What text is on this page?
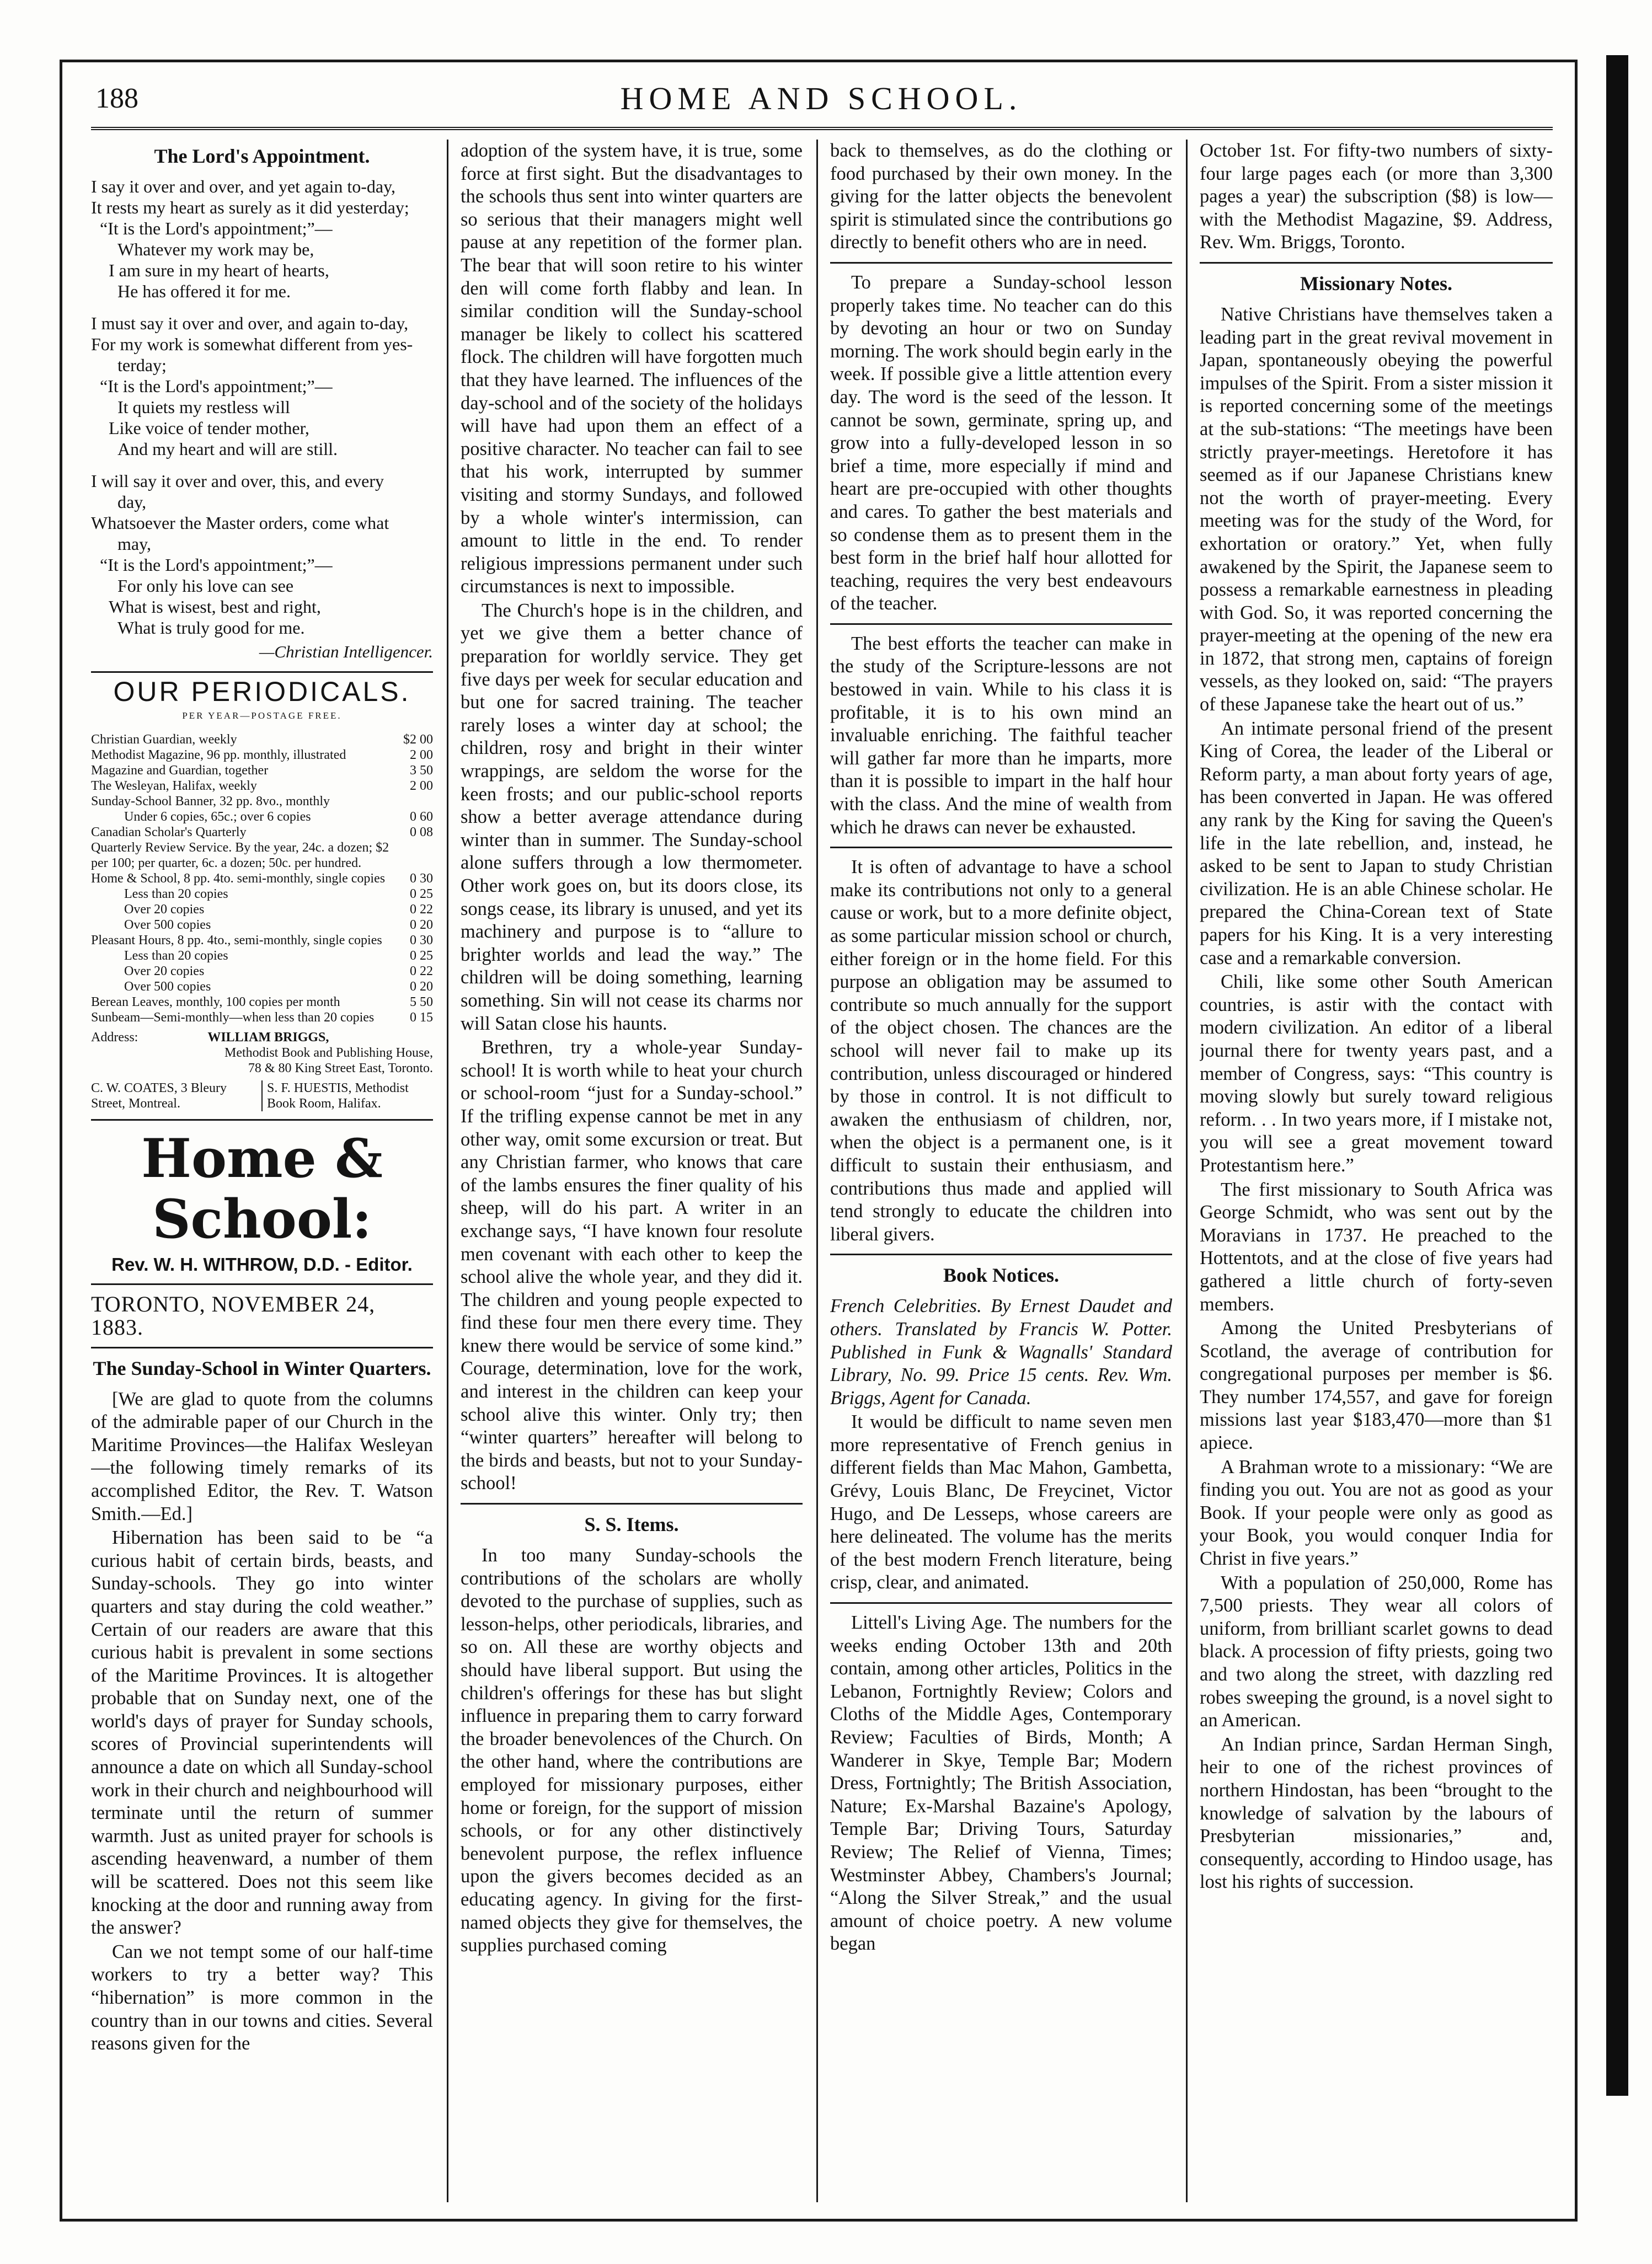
188	HOME AND SCHOOL.
The Lord's Appointment.
I say it over and over, and yet again to-day,
It rests my heart as surely as it did yesterday;
“It is the Lord's appointment;”—
Whatever my work may be,
I am sure in my heart of hearts,
He has offered it for me.
I must say it over and over, and again to-day,
For my work is somewhat different from yes-
terday;
“It is the Lord's appointment;”—
It quiets my restless will
Like voice of tender mother,
And my heart and will are still.
I will say it over and over, this, and every
day,
Whatsoever the Master orders, come what
may,
“It is the Lord's appointment;”—
For only his love can see
What is wisest, best and right,
What is truly good for me.
—Christian Intelligencer.
OUR PERIODICALS.
PER YEAR—POSTAGE FREE.
Christian Guardian, weekly	$2 00
Methodist Magazine, 96 pp. monthly, illustrated	2 00
Magazine and Guardian, together	3 50
The Wesleyan, Halifax, weekly	2 00
Sunday-School Banner, 32 pp. 8vo., monthly
Under 6 copies, 65c.; over 6 copies	0 60
Canadian Scholar's Quarterly	0 08
Quarterly Review Service. By the year, 24c. a dozen; $2 per 100; per quarter, 6c. a dozen; 50c. per hundred.
Home & School, 8 pp. 4to. semi-monthly, single copies	0 30
Less than 20 copies	0 25
Over 20 copies	0 22
Over 500 copies	0 20
Pleasant Hours, 8 pp. 4to., semi-monthly, single copies	0 30
Less than 20 copies	0 25
Over 20 copies	0 22
Over 500 copies	0 20
Berean Leaves, monthly, 100 copies per month	5 50
Sunbeam—Semi-monthly—when less than 20 copies	0 15
Address:	WILLIAM BRIGGS,
Methodist Book and Publishing House,
78 & 80 King Street East, Toronto.
C. W. COATES, 3 Bleury Street, Montreal.
S. F. HUESTIS, Methodist Book Room, Halifax.
Home & School:
Rev. W. H. WITHROW, D.D. - Editor.
TORONTO, NOVEMBER 24, 1883.
The Sunday-School in Winter Quarters.

[We are glad to quote from the columns of the admirable paper of our Church in the Maritime Provinces—the Halifax Wesleyan—the following timely remarks of its accomplished Editor, the Rev. T. Watson Smith.—Ed.]

Hibernation has been said to be “a curious habit of certain birds, beasts, and Sunday-schools. They go into winter quarters and stay during the cold weather.” Certain of our readers are aware that this curious habit is prevalent in some sections of the Maritime Provinces. It is altogether probable that on Sunday next, one of the world's days of prayer for Sunday schools, scores of Provincial superintendents will announce a date on which all Sunday-school work in their church and neighbourhood will terminate until the return of summer warmth. Just as united prayer for schools is ascending heavenward, a number of them will be scattered. Does not this seem like knocking at the door and running away from the answer?

Can we not tempt some of our half-time workers to try a better way? This “hibernation” is more common in the country than in our towns and cities. Several reasons given for the

adoption of the system have, it is true, some force at first sight. But the disadvantages to the schools thus sent into winter quarters are so serious that their managers might well pause at any repetition of the former plan. The bear that will soon retire to his winter den will come forth flabby and lean. In similar condition will the Sunday-school manager be likely to collect his scattered flock. The children will have forgotten much that they have learned. The influences of the day-school and of the society of the holidays will have had upon them an effect of a positive character. No teacher can fail to see that his work, interrupted by summer visiting and stormy Sundays, and followed by a whole winter's intermission, can amount to little in the end. To render religious impressions permanent under such circumstances is next to impossible.

The Church's hope is in the children, and yet we give them a better chance of preparation for worldly service. They get five days per week for secular education and but one for sacred training. The teacher rarely loses a winter day at school; the children, rosy and bright in their winter wrappings, are seldom the worse for the keen frosts; and our public-school reports show a better average attendance during winter than in summer. The Sunday-school alone suffers through a low thermometer. Other work goes on, but its doors close, its songs cease, its library is unused, and yet its machinery and purpose is to “allure to brighter worlds and lead the way.” The children will be doing something, learning something. Sin will not cease its charms nor will Satan close his haunts.

Brethren, try a whole-year Sunday-school! It is worth while to heat your church or school-room “just for a Sunday-school.” If the trifling expense cannot be met in any other way, omit some excursion or treat. But any Christian farmer, who knows that care of the lambs ensures the finer quality of his sheep, will do his part. A writer in an exchange says, “I have known four resolute men covenant with each other to keep the school alive the whole year, and they did it. The children and young people expected to find these four men there every time. They knew there would be service of some kind.” Courage, determination, love for the work, and interest in the children can keep your school alive this winter. Only try; then “winter quarters” hereafter will belong to the birds and beasts, but not to your Sunday-school!

S. S. Items.

In too many Sunday-schools the contributions of the scholars are wholly devoted to the purchase of supplies, such as lesson-helps, other periodicals, libraries, and so on. All these are worthy objects and should have liberal support. But using the children's offerings for these has but slight influence in preparing them to carry forward the broader benevolences of the Church. On the other hand, where the contributions are employed for missionary purposes, either home or foreign, for the support of mission schools, or for any other distinctively benevolent purpose, the reflex influence upon the givers becomes decided as an educating agency. In giving for the first-named objects they give for themselves, the supplies purchased coming

back to themselves, as do the clothing or food purchased by their own money. In the giving for the latter objects the benevolent spirit is stimulated since the contributions go directly to benefit others who are in need.

To prepare a Sunday-school lesson properly takes time. No teacher can do this by devoting an hour or two on Sunday morning. The work should begin early in the week. If possible give a little attention every day. The word is the seed of the lesson. It cannot be sown, germinate, spring up, and grow into a fully-developed lesson in so brief a time, more especially if mind and heart are pre-occupied with other thoughts and cares. To gather the best materials and so condense them as to present them in the best form in the brief half hour allotted for teaching, requires the very best endeavours of the teacher.

The best efforts the teacher can make in the study of the Scripture-lessons are not bestowed in vain. While to his class it is profitable, it is to his own mind an invaluable enriching. The faithful teacher will gather far more than he imparts, more than it is possible to impart in the half hour with the class. And the mine of wealth from which he draws can never be exhausted.

It is often of advantage to have a school make its contributions not only to a general cause or work, but to a more definite object, as some particular mission school or church, either foreign or in the home field. For this purpose an obligation may be assumed to contribute so much annually for the support of the object chosen. The chances are the school will never fail to make up its contribution, unless discouraged or hindered by those in control. It is not difficult to awaken the enthusiasm of children, nor, when the object is a permanent one, is it difficult to sustain their enthusiasm, and contributions thus made and applied will tend strongly to educate the children into liberal givers.

Book Notices.

French Celebrities. By Ernest Daudet and others. Translated by Francis W. Potter. Published in Funk & Wagnalls' Standard Library, No. 99. Price 15 cents. Rev. Wm. Briggs, Agent for Canada.

It would be difficult to name seven men more representative of French genius in different fields than Mac Mahon, Gambetta, Grévy, Louis Blanc, De Freycinet, Victor Hugo, and De Lesseps, whose careers are here delineated. The volume has the merits of the best modern French literature, being crisp, clear, and animated.

Littell's Living Age. The numbers for the weeks ending October 13th and 20th contain, among other articles, Politics in the Lebanon, Fortnightly Review; Colors and Cloths of the Middle Ages, Contemporary Review; Faculties of Birds, Month; A Wanderer in Skye, Temple Bar; Modern Dress, Fortnightly; The British Association, Nature; Ex-Marshal Bazaine's Apology, Temple Bar; Driving Tours, Saturday Review; The Relief of Vienna, Times; Westminster Abbey, Chambers's Journal; “Along the Silver Streak,” and the usual amount of choice poetry. A new volume began

October 1st. For fifty-two numbers of sixty-four large pages each (or more than 3,300 pages a year) the subscription ($8) is low—with the Methodist Magazine, $9. Address, Rev. Wm. Briggs, Toronto.

Missionary Notes.

Native Christians have themselves taken a leading part in the great revival movement in Japan, spontaneously obeying the powerful impulses of the Spirit. From a sister mission it is reported concerning some of the meetings at the sub-stations: “The meetings have been strictly prayer-meetings. Heretofore it has seemed as if our Japanese Christians knew not the worth of prayer-meeting. Every meeting was for the study of the Word, for exhortation or oratory.” Yet, when fully awakened by the Spirit, the Japanese seem to possess a remarkable earnestness in pleading with God. So, it was reported concerning the prayer-meeting at the opening of the new era in 1872, that strong men, captains of foreign vessels, as they looked on, said: “The prayers of these Japanese take the heart out of us.”

An intimate personal friend of the present King of Corea, the leader of the Liberal or Reform party, a man about forty years of age, has been converted in Japan. He was offered any rank by the King for saving the Queen's life in the late rebellion, and, instead, he asked to be sent to Japan to study Christian civilization. He is an able Chinese scholar. He prepared the China-Corean text of State papers for his King. It is a very interesting case and a remarkable conversion.

Chili, like some other South American countries, is astir with the contact with modern civilization. An editor of a liberal journal there for twenty years past, and a member of Congress, says: “This country is moving slowly but surely toward religious reform. . . In two years more, if I mistake not, you will see a great movement toward Protestantism here.”

The first missionary to South Africa was George Schmidt, who was sent out by the Moravians in 1737. He preached to the Hottentots, and at the close of five years had gathered a little church of forty-seven members.

Among the United Presbyterians of Scotland, the average of contribution for congregational purposes per member is $6. They number 174,557, and gave for foreign missions last year $183,470—more than $1 apiece.

A Brahman wrote to a missionary: “We are finding you out. You are not as good as your Book. If your people were only as good as your Book, you would conquer India for Christ in five years.”

With a population of 250,000, Rome has 7,500 priests. They wear all colors of uniform, from brilliant scarlet gowns to dead black. A procession of fifty priests, going two and two along the street, with dazzling red robes sweeping the ground, is a novel sight to an American.

An Indian prince, Sardan Herman Singh, heir to one of the richest provinces of northern Hindostan, has been “brought to the knowledge of salvation by the labours of Presbyterian missionaries,” and, consequently, according to Hindoo usage, has lost his rights of succession.
